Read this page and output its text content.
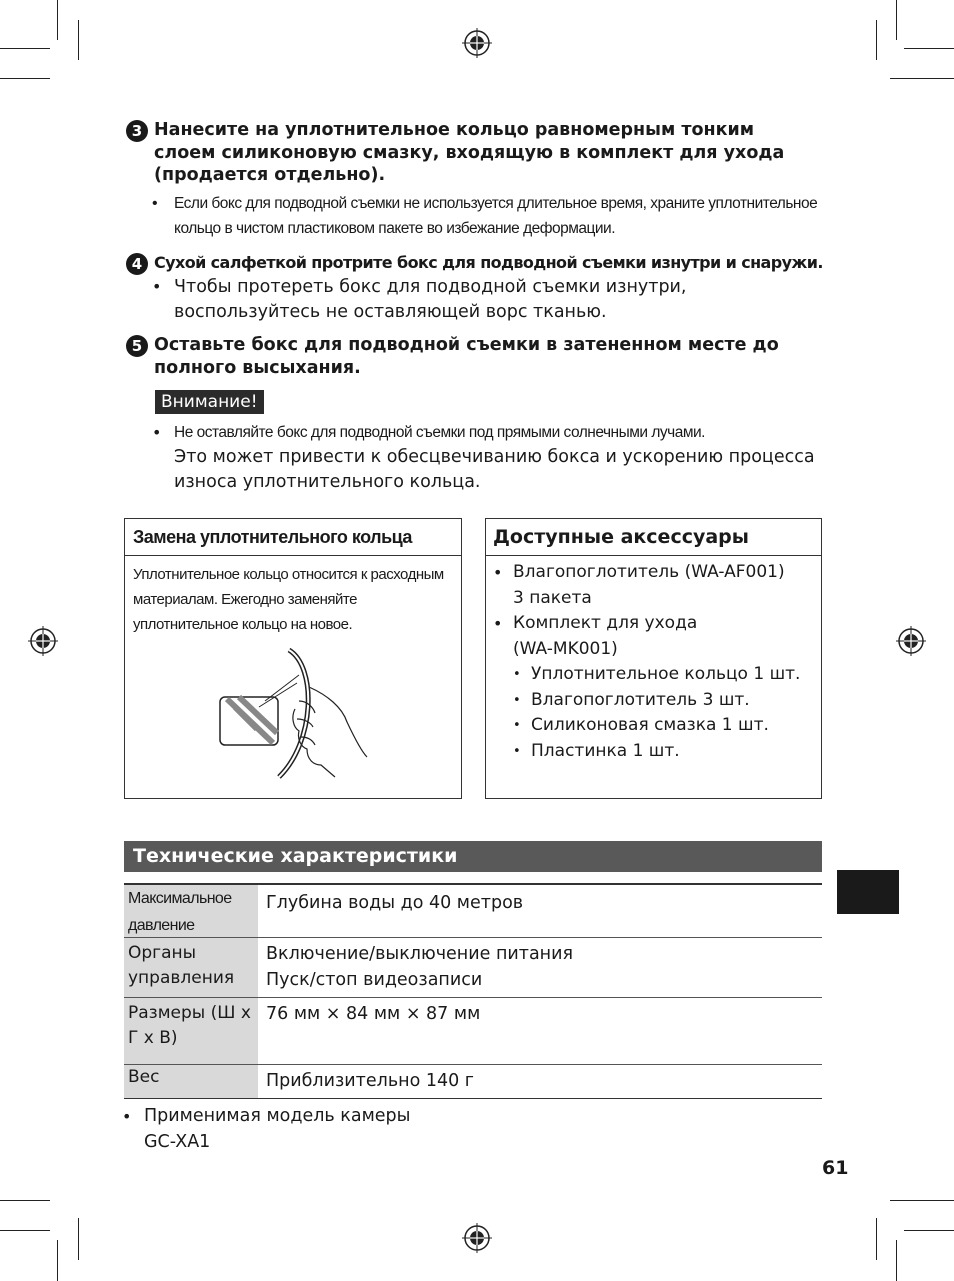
3 Нанесите на уплотнительное кольцо равномерным тонким слоем силиконовую смазку, входящую в комплект для ухода (продается отдельно).
•	Если бокс для подводной съемки не используется длительное время, храните уплотнительное кольцо в чистом пластиковом пакете во избежание деформации.
4 Сухой салфеткой протрите бокс для подводной съемки изнутри и снаружи.
• Чтобы протереть бокс для подводной съемки изнутри, воспользуйтесь не оставляющей ворс тканью.
5 Оставьте бокс для подводной съемки в затененном месте до полного высыхания.
Внимание!
• Не оставляйте бокс для подводной съемки под прямыми солнечными лучами.
Это может привести к обесцвечиванию бокса и ускорению процесса износа уплотнительного кольца.
Замена уплотнительного кольца
Уплотнительное кольцо относится к расходным материалам. Ежегодно заменяйте уплотнительное кольцо на новое.
Доступные аксессуары
• Влагопоглотитель (WA-AF001)
3 пакета
• Комплект для ухода
(WA-MK001)
• Уплотнительное кольцо 1 шт.
• Влагопоглотитель 3 шт.
• Силиконовая смазка 1 шт.
• Пластинка 1 шт.
Технические характеристики
Максимальное давление
Глубина воды до 40 метров
Органы управления
Включение/выключение питания
Пуск/стоп видеозаписи
Размеры (Ш x Г x В)
76 мм × 84 мм × 87 мм
Вес	Приблизительно 140 г
• Применимая модель камеры
GC-XA1
61
